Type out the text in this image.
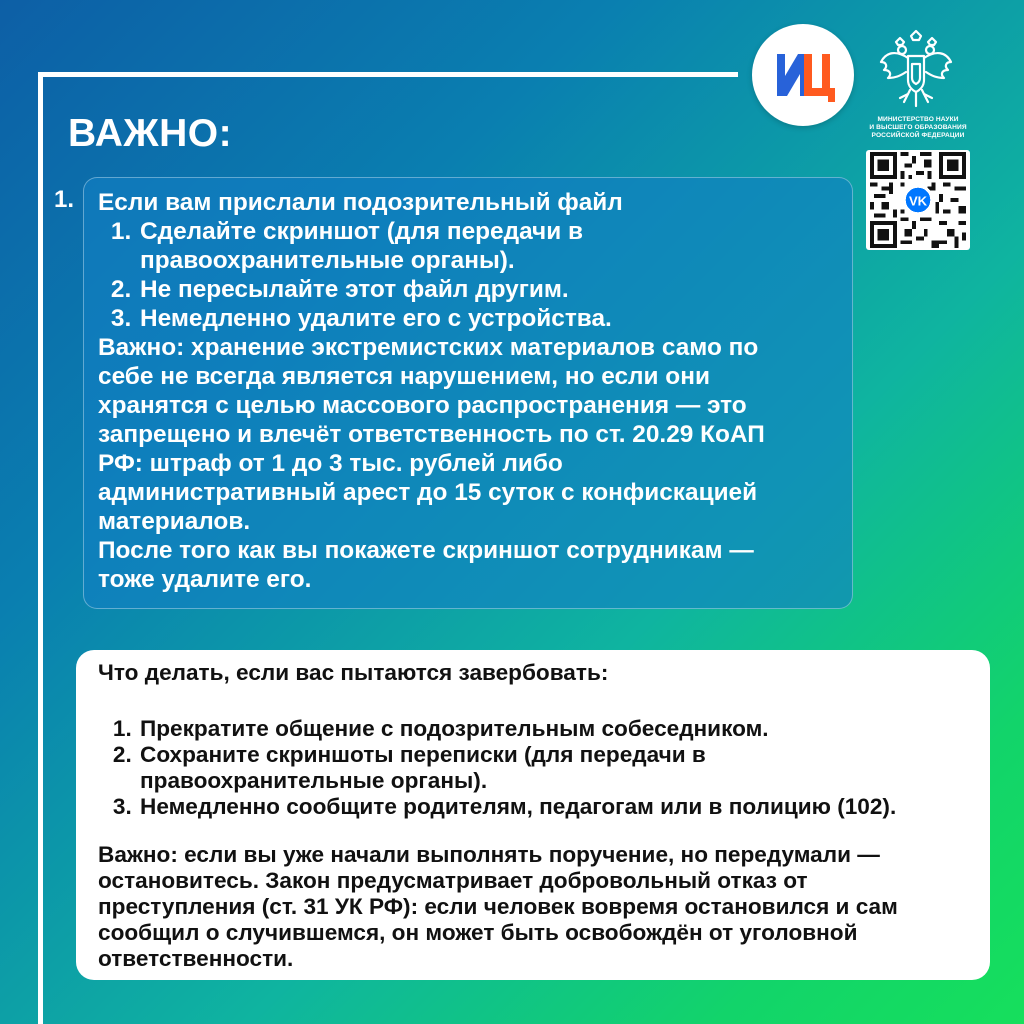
ВАЖНО:	МИНИСТЕРСТВО НАУКИ
И ВЫСШЕГО ОБРАЗОВАНИЯ
РОССИЙСКОЙ ФЕДЕРАЦИИ
VK
1. Если вам прислали подозрительный файл

1. Сделайте скриншот (для передачи в
правоохранительные органы).
2. Не пересылайте этот файл другим.
3. Немедленно удалите его с устройства.

Важно: хранение экстремистских материалов само по
себе не всегда является нарушением, но если они
хранятся с целью массового распространения — это
запрещено и влечёт ответственность по ст. 20.29 КоАП
РФ: штраф от 1 до 3 тыс. рублей либо
административный арест до 15 суток с конфискацией
материалов.

После того как вы покажете скриншот сотрудникам —
тоже удалите его.

Что делать, если вас пытаются завербовать:

1. Прекратите общение с подозрительным собеседником.
2. Сохраните скриншоты переписки (для передачи в
правоохранительные органы).
3. Немедленно сообщите родителям, педагогам или в полицию (102).

Важно: если вы уже начали выполнять поручение, но передумали —
остановитесь. Закон предусматривает добровольный отказ от
преступления (ст. 31 УК РФ): если человек вовремя остановился и сам
сообщил о случившемся, он может быть освобождён от уголовной
ответственности.
